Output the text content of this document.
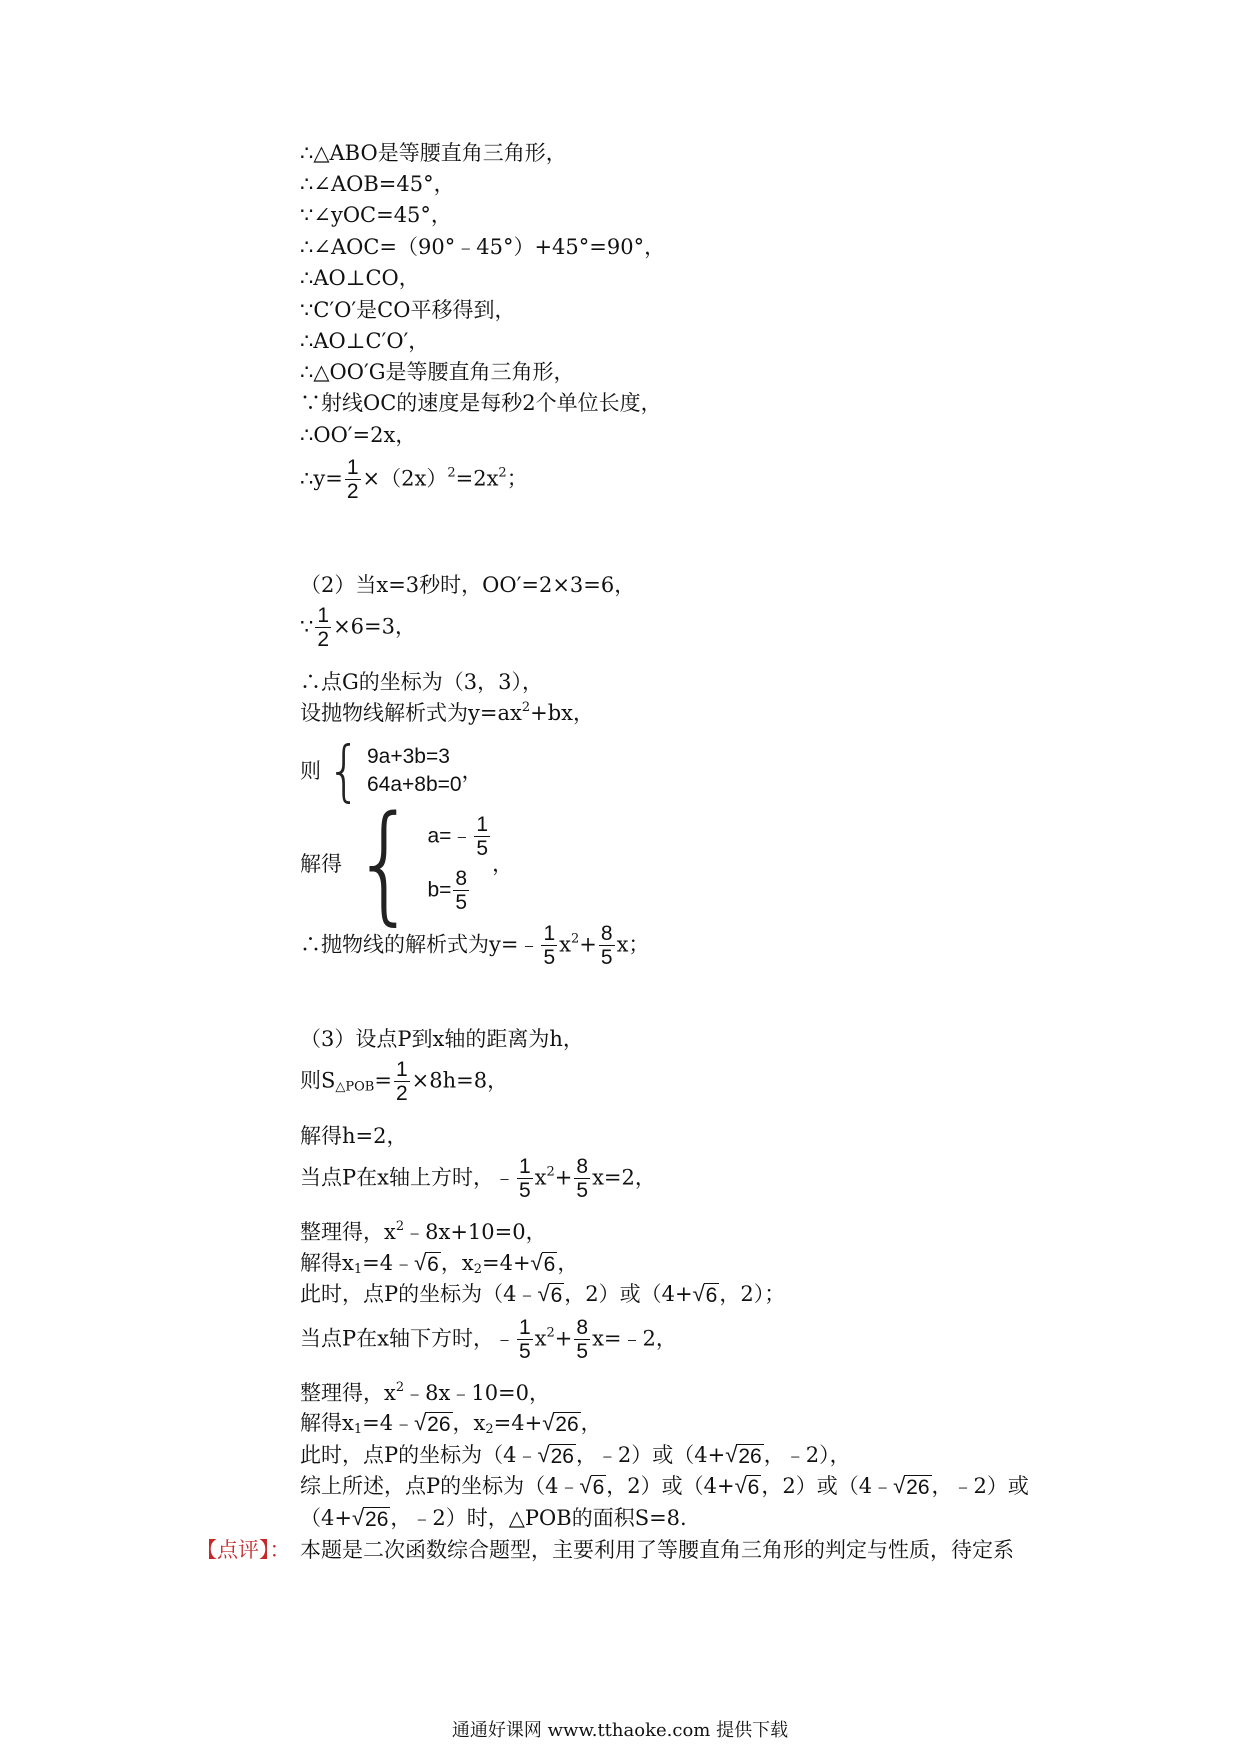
∴△ABO是等腰直角三角形，
∴∠AOB=45°，
∵∠yOC=45°，
∴∠AOC=（90°﹣45°）+45°=90°，
∴AO⊥CO，
∵C′O′是CO平移得到，
∴AO⊥C′O′，
∴△OO′G是等腰直角三角形，
∵射线OC的速度是每秒2个单位长度，
∴OO′=2x，
∴y= $\frac{1}{2} \times(2x)^2=2x^2$；
（2）当x=3秒时，OO′=2×3=6，
∵ $\frac{1}{2} \times 6=3$，
∴点G的坐标为（3，3），
设抛物线解析式为$y=ax^2+bx$，
则 { 9a+3b=3
64a+8b=0
，
解得 { a=﹣ $\frac{1}{5}$
$b= \frac{8}{5}$
，
∴抛物线的解析式为y=﹣ $\frac{1}{5} x^2+ \frac{8}{5}$ x；
（3）设点P到x轴的距离为h，
则$S_{\triangle POB}= \frac{1}{2} \times 8h=8$，
解得h=2，
当点P在x轴上方时，﹣ $\frac{1}{5} x^2+ \frac{8}{5} x=2$，
整理得，$x^2﹣8x+10=0$，
解得$x_1=4﹣$ √ 6 ，$x_2=4+$ √ 6 ，
此时，点P的坐标为（4﹣ √ 6 ，2）或（4+ √ 6 ，2）；
当点P在x轴下方时，﹣ $\frac{1}{5} x^2+ \frac{8}{5}$ x=﹣2，
整理得，$x^2﹣8x﹣10=0$，
解得$x_1=4﹣$ √ 26 ，$x_2=4+$ √ 26 ，
此时，点P的坐标为（4﹣ √ 26 ，﹣2）或（4+ √ 26 ，﹣2），
综上所述，点P的坐标为（4﹣ √ 6 ，2）或（4+ √ 6 ，2）或（4﹣ √ 26 ，﹣2）或
（4+ √ 26 ，﹣2）时，△POB的面积S=8.
【点评】： 本题是二次函数综合题型，主要利用了等腰直角三角形的判定与性质，待定系
通通好课网 www.tthaoke.com 提供下载
